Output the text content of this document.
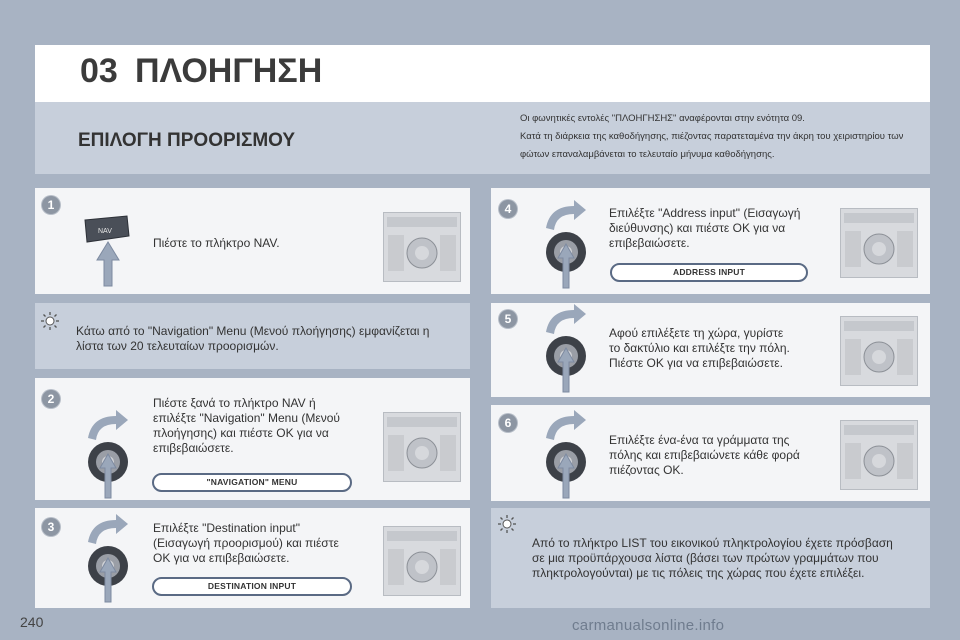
03 ΠΛΟΗΓΗΣΗ
ΕΠΙΛΟΓΗ ΠΡΟΟΡΙΣΜΟΥ
Οι φωνητικές εντολές "ΠΛΟΗΓΗΣΗΣ" αναφέρονται στην ενότητα 09.
Κατά τη διάρκεια της καθοδήγησης, πιέζοντας παρατεταμένα την άκρη του χειριστηρίου των
φώτων επαναλαμβάνεται το τελευταίο μήνυμα καθοδήγησης.
1
NAV
Πιέστε το πλήκτρο NAV.
Κάτω από το "Navigation" Menu (Μενού πλοήγησης) εμφανίζεται η
λίστα των 20 τελευταίων προορισμών.
2	Πιέστε ξανά το πλήκτρο NAV ή
επιλέξτε "Navigation" Menu (Μενού
πλοήγησης) και πιέστε OK για να
επιβεβαιώσετε.
"NAVIGATION" MENU
3	Επιλέξτε "Destination input"
(Εισαγωγή προορισμού) και πιέστε
OK για να επιβεβαιώσετε.
DESTINATION INPUT
4	Επιλέξτε "Address input" (Εισαγωγή
διεύθυνσης) και πιέστε OK για να
επιβεβαιώσετε.
ADDRESS INPUT
5
Αφού επιλέξετε τη χώρα, γυρίστε
το δακτύλιο και επιλέξτε την πόλη.
Πιέστε OK για να επιβεβαιώσετε.
6
Επιλέξτε ένα-ένα τα γράμματα της
πόλης και επιβεβαιώνετε κάθε φορά
πιέζοντας OK.
Από το πλήκτρο LIST του εικονικού πληκτρολογίου έχετε πρόσβαση
σε μια προϋπάρχουσα λίστα (βάσει των πρώτων γραμμάτων που
πληκτρολογούνται) με τις πόλεις της χώρας που έχετε επιλέξει.
240	carmanualsonline.info
